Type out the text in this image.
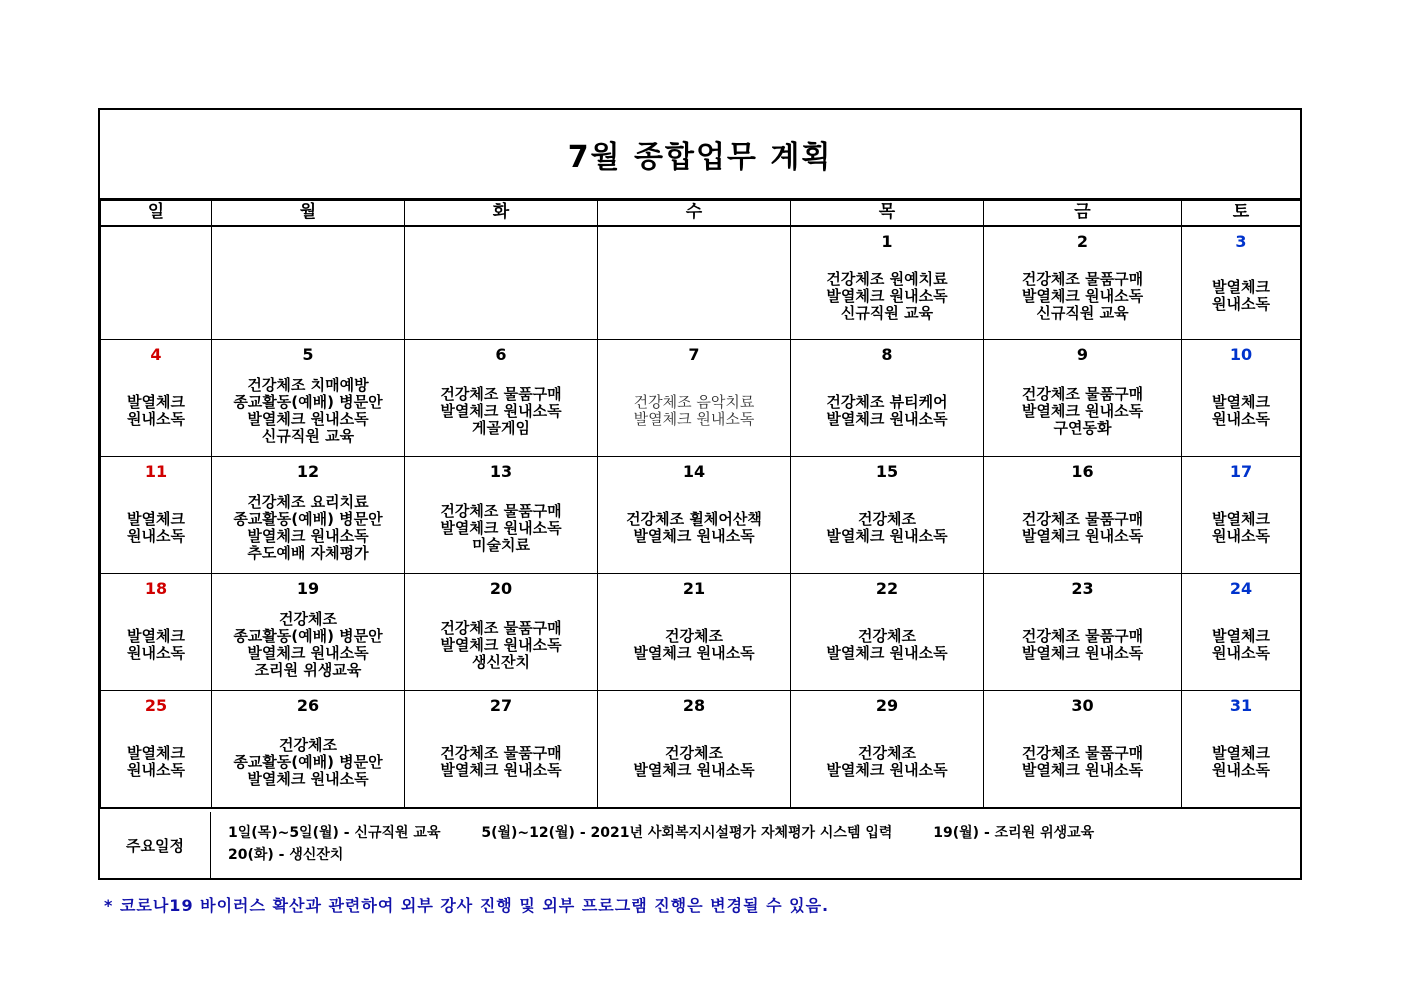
7월 종합업무 계획
일	월	화	수	목	금	토

				1
건강체조 원예치료
발열체크 원내소독
신규직원 교육	2
건강체조 물품구매
발열체크 원내소독
신규직원 교육	3
발열체크
원내소독

4
발열체크
원내소독	5
건강체조 치매예방
종교활동(예배) 병문안
발열체크 원내소독
신규직원 교육	6
건강체조 물품구매
발열체크 원내소독
게골게임	7
건강체조 음악치료
발열체크 원내소독	8
건강체조 뷰티케어
발열체크 원내소독	9
건강체조 물품구매
발열체크 원내소독
구연동화	10
발열체크
원내소독

11
발열체크
원내소독	12
건강체조 요리치료
종교활동(예배) 병문안
발열체크 원내소독
추도예배 자체평가	13
건강체조 물품구매
발열체크 원내소독
미술치료	14
건강체조 휠체어산책
발열체크 원내소독	15
건강체조
발열체크 원내소독	16
건강체조 물품구매
발열체크 원내소독	17
발열체크
원내소독

18
발열체크
원내소독	19
건강체조
종교활동(예배) 병문안
발열체크 원내소독
조리원 위생교육	20
건강체조 물품구매
발열체크 원내소독
생신잔치	21
건강체조
발열체크 원내소독	22
건강체조
발열체크 원내소독	23
건강체조 물품구매
발열체크 원내소독	24
발열체크
원내소독

25
발열체크
원내소독	26
건강체조
종교활동(예배) 병문안
발열체크 원내소독	27
건강체조 물품구매
발열체크 원내소독	28
건강체조
발열체크 원내소독	29
건강체조
발열체크 원내소독	30
건강체조 물품구매
발열체크 원내소독	31
발열체크
원내소독
주요일정
1일(목)~5일(월) - 신규직원 교육	5(월)~12(월) - 2021년 사회복지시설평가 자체평가 시스템 입력	19(월) - 조리원 위생교육
20(화) - 생신잔치
* 코로나19 바이러스 확산과 관련하여 외부 강사 진행 및 외부 프로그램 진행은 변경될 수 있음.
